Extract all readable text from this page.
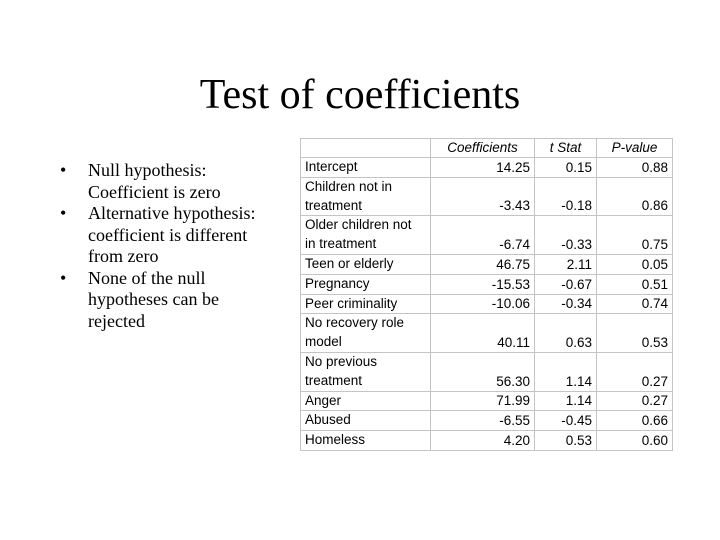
Test of coefficients
• Null hypothesis: Coefficient is zero
• Alternative hypothesis: coefficient is different from zero
• None of the null hypotheses can be rejected
	Coefficients	t Stat	P-value

Intercept	14.25	0.15	0.88

Children not in
treatment	-3.43	-0.18	0.86

Older children not
in treatment	-6.74	-0.33	0.75

Teen or elderly	46.75	2.11	0.05

Pregnancy	-15.53	-0.67	0.51

Peer criminality	-10.06	-0.34	0.74

No recovery role
model	40.11	0.63	0.53

No previous
treatment	56.30	1.14	0.27

Anger	71.99	1.14	0.27

Abused	-6.55	-0.45	0.66

Homeless	4.20	0.53	0.60
